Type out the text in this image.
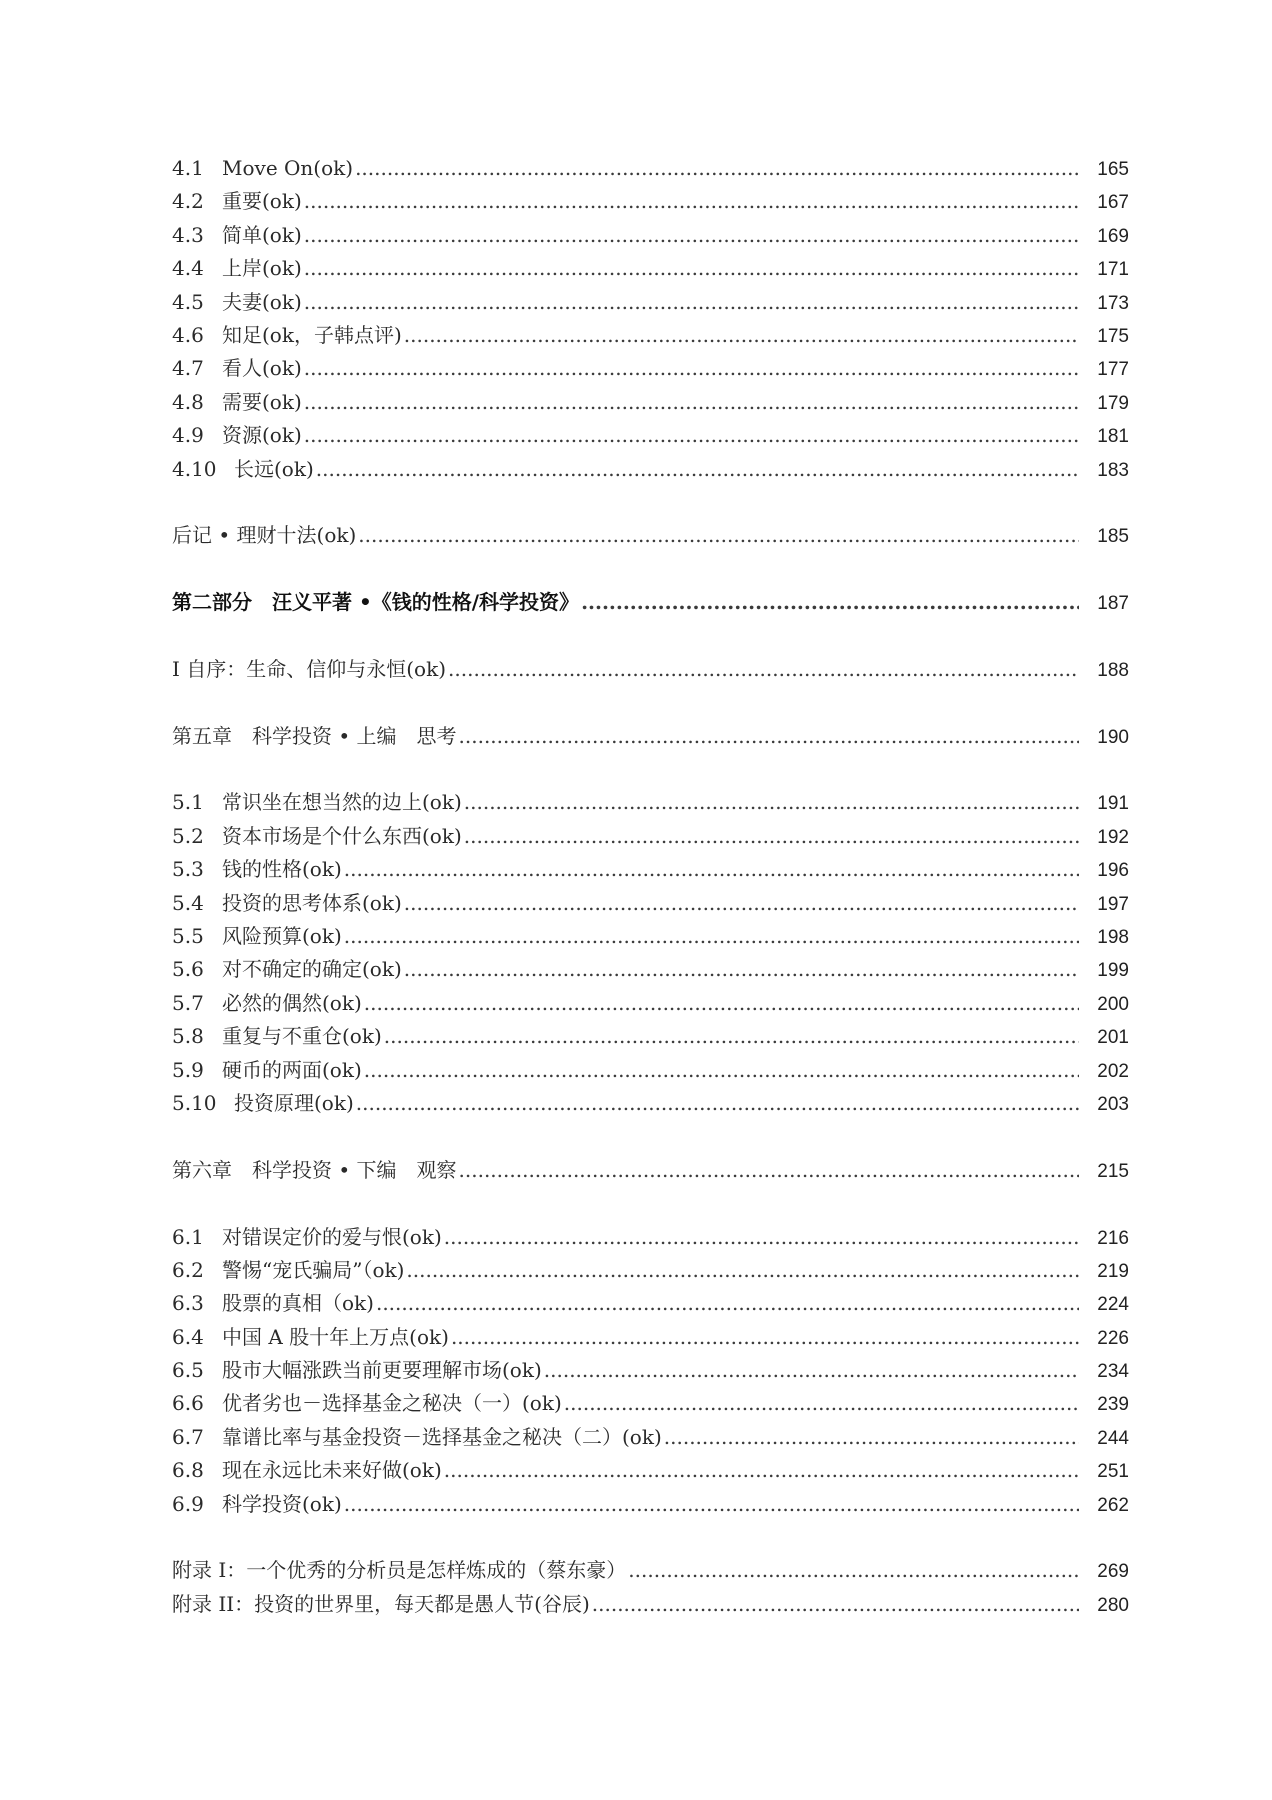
4.1 Move On(ok) .....	165
4.2 重要(ok) .....	167
4.3 简单(ok) .....	169
4.4 上岸(ok) .....	171
4.5 夫妻(ok) .....	173
4.6 知足(ok，子韩点评) .....	175
4.7 看人(ok) .....	177
4.8 需要(ok) .....	179
4.9 资源(ok) .....	181
4.10 长远(ok) .....	183
后记 • 理财十法(ok) .....	185
第二部分　汪义平著 •《钱的性格/科学投资》 .....	187
I 自序：生命、信仰与永恒(ok) .....	188
第五章　科学投资 • 上编　思考 .....	190
5.1 常识坐在想当然的边上(ok) .....	191
5.2 资本市场是个什么东西(ok) .....	192
5.3 钱的性格(ok) .....	196
5.4 投资的思考体系(ok) .....	197
5.5 风险预算(ok) .....	198
5.6 对不确定的确定(ok) .....	199
5.7 必然的偶然(ok) .....	200
5.8 重复与不重仓(ok) .....	201
5.9 硬币的两面(ok) .....	202
5.10 投资原理(ok) .....	203
第六章　科学投资 • 下编　观察 .....	215
6.1 对错误定价的爱与恨(ok) .....	216
6.2 警惕“宠氏骗局”（ok) .....	219
6.3 股票的真相（ok) .....	224
6.4 中国 A 股十年上万点(ok) .....	226
6.5 股市大幅涨跌当前更要理解市场(ok) .....	234
6.6 优者劣也－选择基金之秘决（一）(ok) .....	239
6.7 靠谱比率与基金投资－选择基金之秘决（二）(ok) .....	244
6.8 现在永远比未来好做(ok) .....	251
6.9 科学投资(ok) .....	262
附录 I：一个优秀的分析员是怎样炼成的（蔡东豪） .....	269
附录 II：投资的世界里，每天都是愚人节(谷辰) .....	280
